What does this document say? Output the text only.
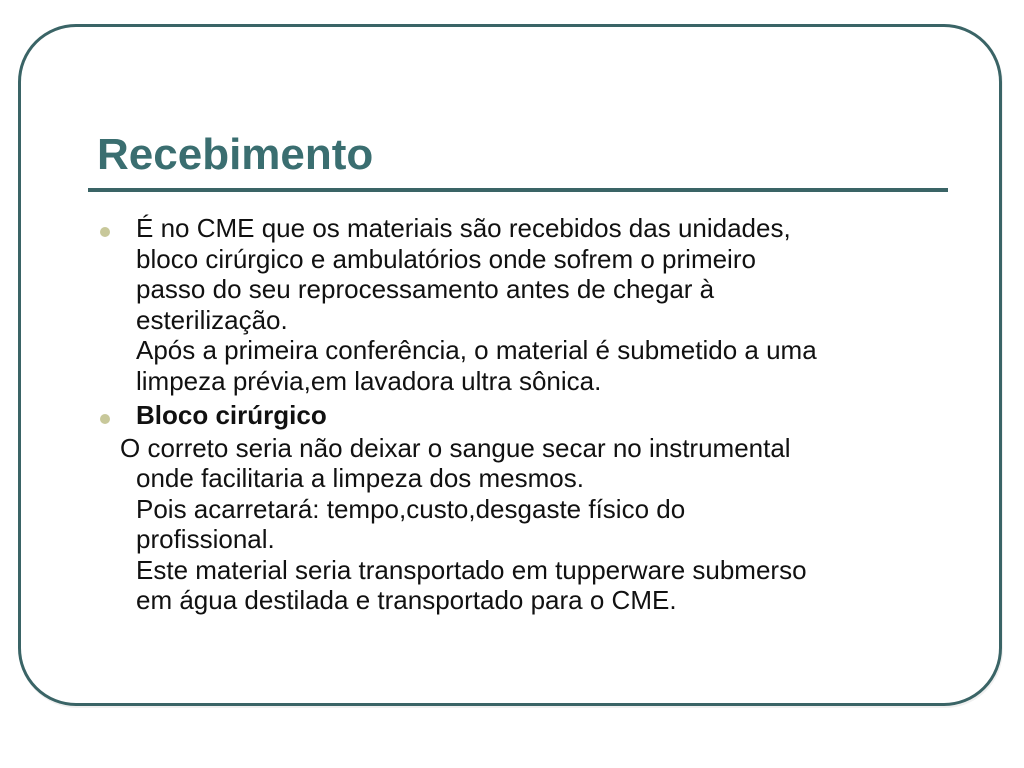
Recebimento
É no CME que os materiais são recebidos das unidades,
bloco cirúrgico e ambulatórios onde sofrem o primeiro
passo do seu reprocessamento antes de chegar à
esterilização.
Após a primeira conferência, o material é submetido a uma
limpeza prévia,em lavadora ultra sônica.
Bloco cirúrgico
O correto seria não deixar o sangue secar no instrumental
onde facilitaria a limpeza dos mesmos.
Pois acarretará: tempo,custo,desgaste físico do
profissional.
Este material seria transportado em tupperware submerso
em água destilada e transportado para o CME.
